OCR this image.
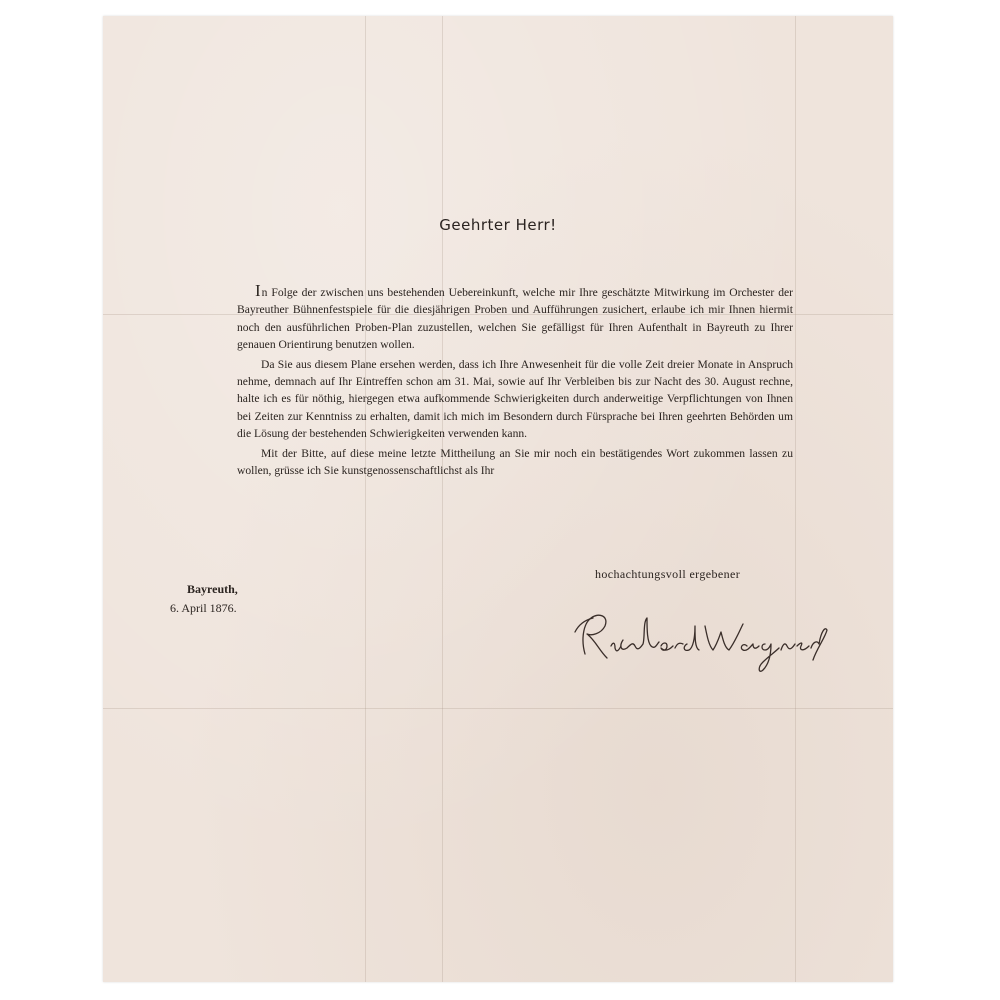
Geehrter Herr!

In Folge der zwischen uns bestehenden Uebereinkunft, welche mir Ihre geschätzte Mitwirkung im Orchester der Bayreuther Bühnenfestspiele für die diesjährigen Proben und Aufführungen zusichert, erlaube ich mir Ihnen hiermit noch den ausführlichen Proben-Plan zuzustellen, welchen Sie gefälligst für Ihren Aufenthalt in Bayreuth zu Ihrer genauen Orientirung benutzen wollen.

Da Sie aus diesem Plane ersehen werden, dass ich Ihre Anwesenheit für die volle Zeit dreier Monate in Anspruch nehme, demnach auf Ihr Eintreffen schon am 31. Mai, sowie auf Ihr Verbleiben bis zur Nacht des 30. August rechne, halte ich es für nöthig, hiergegen etwa aufkommende Schwierigkeiten durch anderweitige Verpflichtungen von Ihnen bei Zeiten zur Kenntniss zu erhalten, damit ich mich im Besondern durch Fürsprache bei Ihren geehrten Behörden um die Lösung der bestehenden Schwierigkeiten verwenden kann.

Mit der Bitte, auf diese meine letzte Mittheilung an Sie mir noch ein bestätigendes Wort zukommen lassen zu wollen, grüsse ich Sie kunstgenossenschaftlichst als Ihr

hochachtungsvoll ergebener
Bayreuth,
6. April 1876.
